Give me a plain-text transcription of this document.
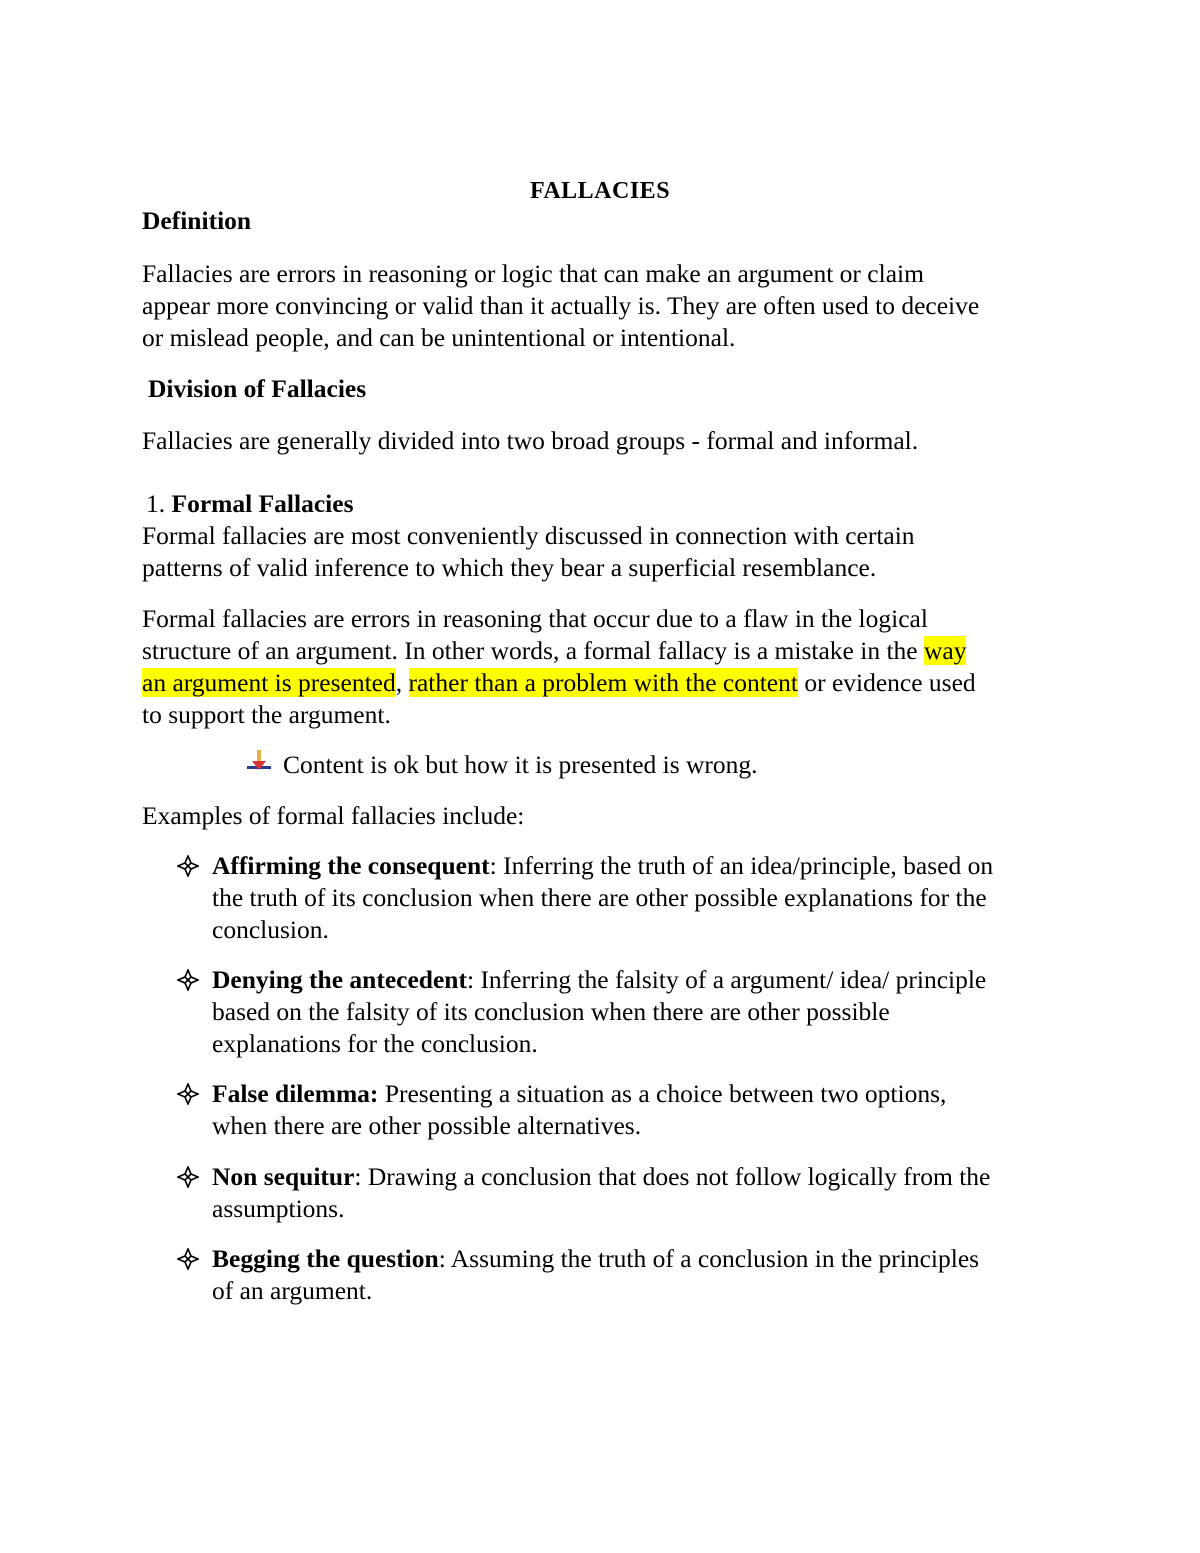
FALLACIES
Definition
Fallacies are errors in reasoning or logic that can make an argument or claim
appear more convincing or valid than it actually is. They are often used to deceive
or mislead people, and can be unintentional or intentional.
Division of Fallacies
Fallacies are generally divided into two broad groups - formal and informal.
1. Formal Fallacies
Formal fallacies are most conveniently discussed in connection with certain
patterns of valid inference to which they bear a superficial resemblance.
Formal fallacies are errors in reasoning that occur due to a flaw in the logical
structure of an argument. In other words, a formal fallacy is a mistake in the way
an argument is presented, rather than a problem with the content or evidence used
to support the argument.
Content is ok but how it is presented is wrong.
Examples of formal fallacies include:
Affirming the consequent: Inferring the truth of an idea/principle, based on
the truth of its conclusion when there are other possible explanations for the
conclusion.
Denying the antecedent: Inferring the falsity of a argument/ idea/ principle
based on the falsity of its conclusion when there are other possible
explanations for the conclusion.
False dilemma: Presenting a situation as a choice between two options,
when there are other possible alternatives.
Non sequitur: Drawing a conclusion that does not follow logically from the
assumptions.
Begging the question: Assuming the truth of a conclusion in the principles
of an argument.
